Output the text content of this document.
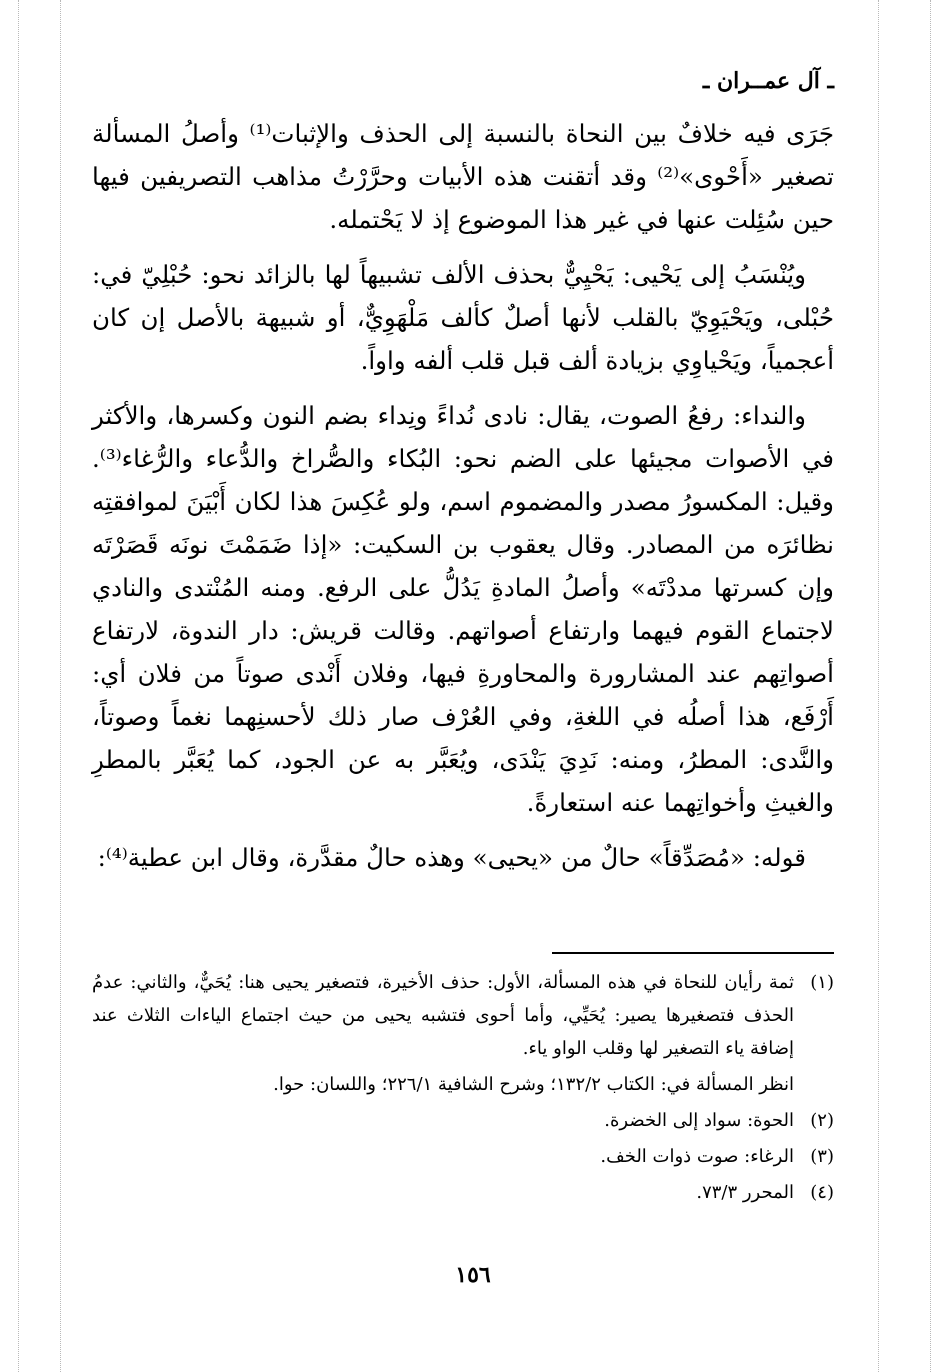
ـ آل عمــران ـ

جَرَى فيه خلافٌ بين النحاة بالنسبة إلى الحذف والإثبات⁽¹⁾ وأصلُ المسألة تصغير «أَحْوى»⁽²⁾ وقد أتقنت هذه الأبيات وحرَّرْتُ مذاهب التصريفين فيها حين سُئِلت عنها في غير هذا الموضوع إذ لا يَحْتمله.

ويُنْسَبُ إلى يَحْيى: يَحْيِيٌّ بحذف الألف تشبيهاً لها بالزائد نحو: حُبْلِيّ في: حُبْلى، ويَحْيَوِيّ بالقلب لأنها أصلٌ كألف مَلْهَوِيٌّ، أو شبيهة بالأصل إن كان أعجمياً، ويَحْياوِي بزيادة ألف قبل قلب ألفه واواً.

والنداء: رفعُ الصوت، يقال: نادى نُداءً ونِداء بضم النون وكسرها، والأكثر في الأصوات مجيئها على الضم نحو: البُكاء والصُّراخ والدُّعاء والرُّغاء⁽³⁾. وقيل: المكسورُ مصدر والمضموم اسم، ولو عُكِسَ هذا لكان أَبْيَنَ لموافقتِه نظائرَه من المصادر. وقال يعقوب بن السكيت: «إذا ضَمَمْتَ نونَه قَصَرْتَه وإن كسرتها مددْتَه» وأصلُ المادةِ يَدُلُّ على الرفع. ومنه المُنْتدى والنادي لاجتماع القوم فيهما وارتفاع أصواتهم. وقالت قريش: دار الندوة، لارتفاع أصواتِهم عند المشارورة والمحاورةِ فيها، وفلان أَنْدى صوتاً من فلان أي: أَرْفَع، هذا أصلُه في اللغةِ، وفي العُرْف صار ذلك لأحسنِهما نغماً وصوتاً، والنَّدى: المطرُ، ومنه: نَدِيَ يَنْدَى، ويُعَبَّر به عن الجود، كما يُعَبَّر بالمطرِ والغيثِ وأخواتِهما عنه استعارةً.

قوله: «مُصَدِّقاً» حالٌ من «يحيى» وهذه حالٌ مقدَّرة، وقال ابن عطية⁽⁴⁾:

(١)
ثمة رأيان للنحاة في هذه المسألة، الأول: حذف الأخيرة، فتصغير يحيى هنا: يُحَيٌّ، والثاني: عدمُ الحذف فتصغيرها يصير: يُحَيِّي، وأما أحوى فتشبه يحيى من حيث اجتماع الياءات الثلاث عند إضافة ياء التصغير لها وقلب الواو ياء.
انظر المسألة في: الكتاب ١٣٢/٢؛ وشرح الشافية ٢٢٦/١؛ واللسان: حوا.
(٢)
الحوة: سواد إلى الخضرة.
(٣)
الرغاء: صوت ذوات الخف.
(٤)
المحرر ٧٣/٣.
١٥٦
